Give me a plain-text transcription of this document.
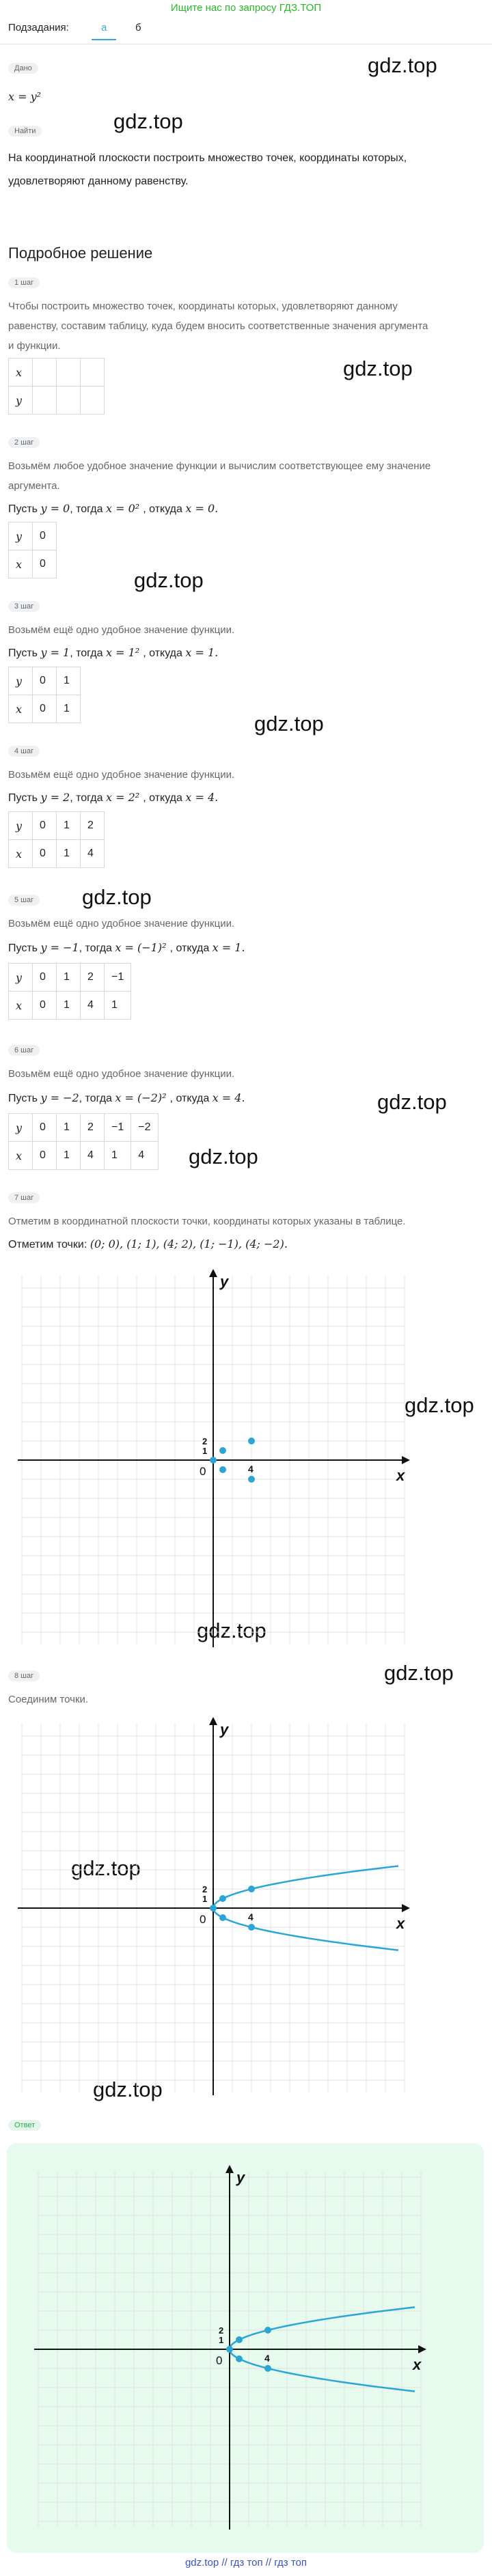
Ищите нас по запросу ГДЗ.ТОП
Подзадания:	а	б
Дано
x = y²
Найти
На координатной плоскости построить множество точек, координаты которых,
удовлетворяют данному равенству.
Подробное решение
gdz.top
gdz.top
gdz.top
gdz.top
gdz.top
gdz.top
gdz.top
gdz.top
gdz.top
gdz.top
gdz.top
gdz.top
gdz.top
1 шаг
Чтобы построить множество точек, координаты которых, удовлетворяют данному
равенству, составим таблицу, куда будем вносить соответственные значения аргумента
и функции.
x			
y			
2 шаг
Возьмём любое удобное значение функции и вычислим соответствующее ему значение
аргумента.
Пусть y = 0, тогда x = 0² , откуда x = 0.
y	0
x	0
3 шаг
Возьмём ещё одно удобное значение функции.
Пусть y = 1, тогда x = 1² , откуда x = 1.
y	0	1
x	0	1
4 шаг
Возьмём ещё одно удобное значение функции.
Пусть y = 2, тогда x = 2² , откуда x = 4.
y	0	1	2
x	0	1	4
5 шаг
Возьмём ещё одно удобное значение функции.
Пусть y = −1, тогда x = (−1)² , откуда x = 1.
y	0	1	2	−1
x	0	1	4	1
6 шаг
Возьмём ещё одно удобное значение функции.
Пусть y = −2, тогда x = (−2)² , откуда x = 4.
y	0	1	2	−1	−2
x	0	1	4	1	4
7 шаг
Отметим в координатной плоскости точки, координаты которых указаны в таблице.
Отметим точки: (0; 0), (1; 1), (4; 2), (1; −1), (4; −2).
8 шаг
Соединим точки.
Ответ
x
y
0	4
1
2
x
y
0	4
1
2
x
y
0	4
1
2
gdz.top // гдз топ // гдз топ
